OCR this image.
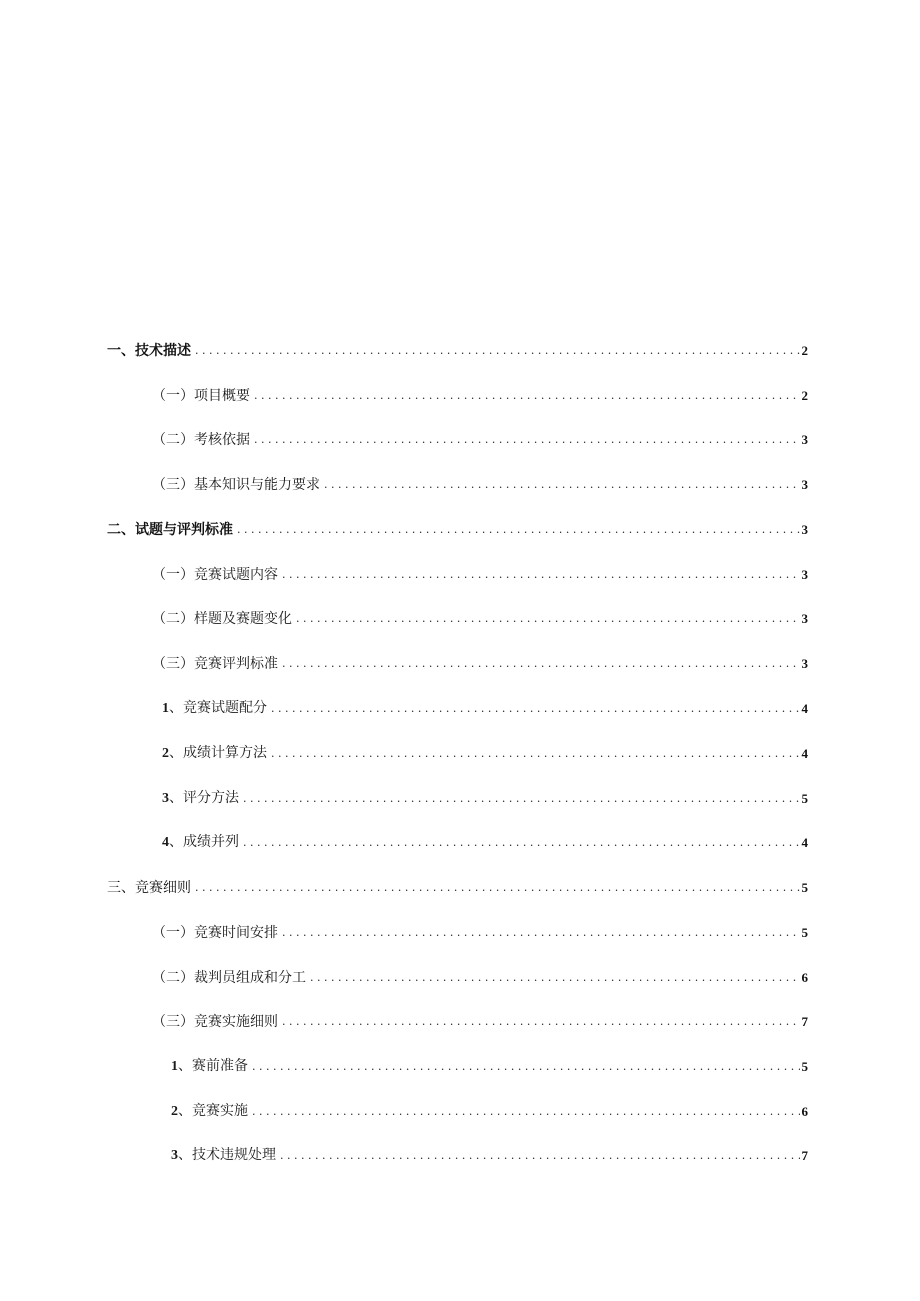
一、技术描述 .....	2
（一）项目概要 .....	2
（二）考核依据 .....	3
（三）基本知识与能力要求 .....	3
二、试题与评判标准 .....	3
（一）竞赛试题内容 .....	3
（二）样题及赛题变化 .....	3
（三）竞赛评判标准 .....	3
1、竞赛试题配分 .....	4
2、成绩计算方法 .....	4
3、评分方法 .....	5
4、成绩并列 .....	4
三、竞赛细则 .....	5
（一）竞赛时间安排 .....	5
（二）裁判员组成和分工 .....	6
（三）竞赛实施细则 .....	7
1、赛前准备 .....	5
2、竞赛实施 .....	6
3、技术违规处理 .....	7
